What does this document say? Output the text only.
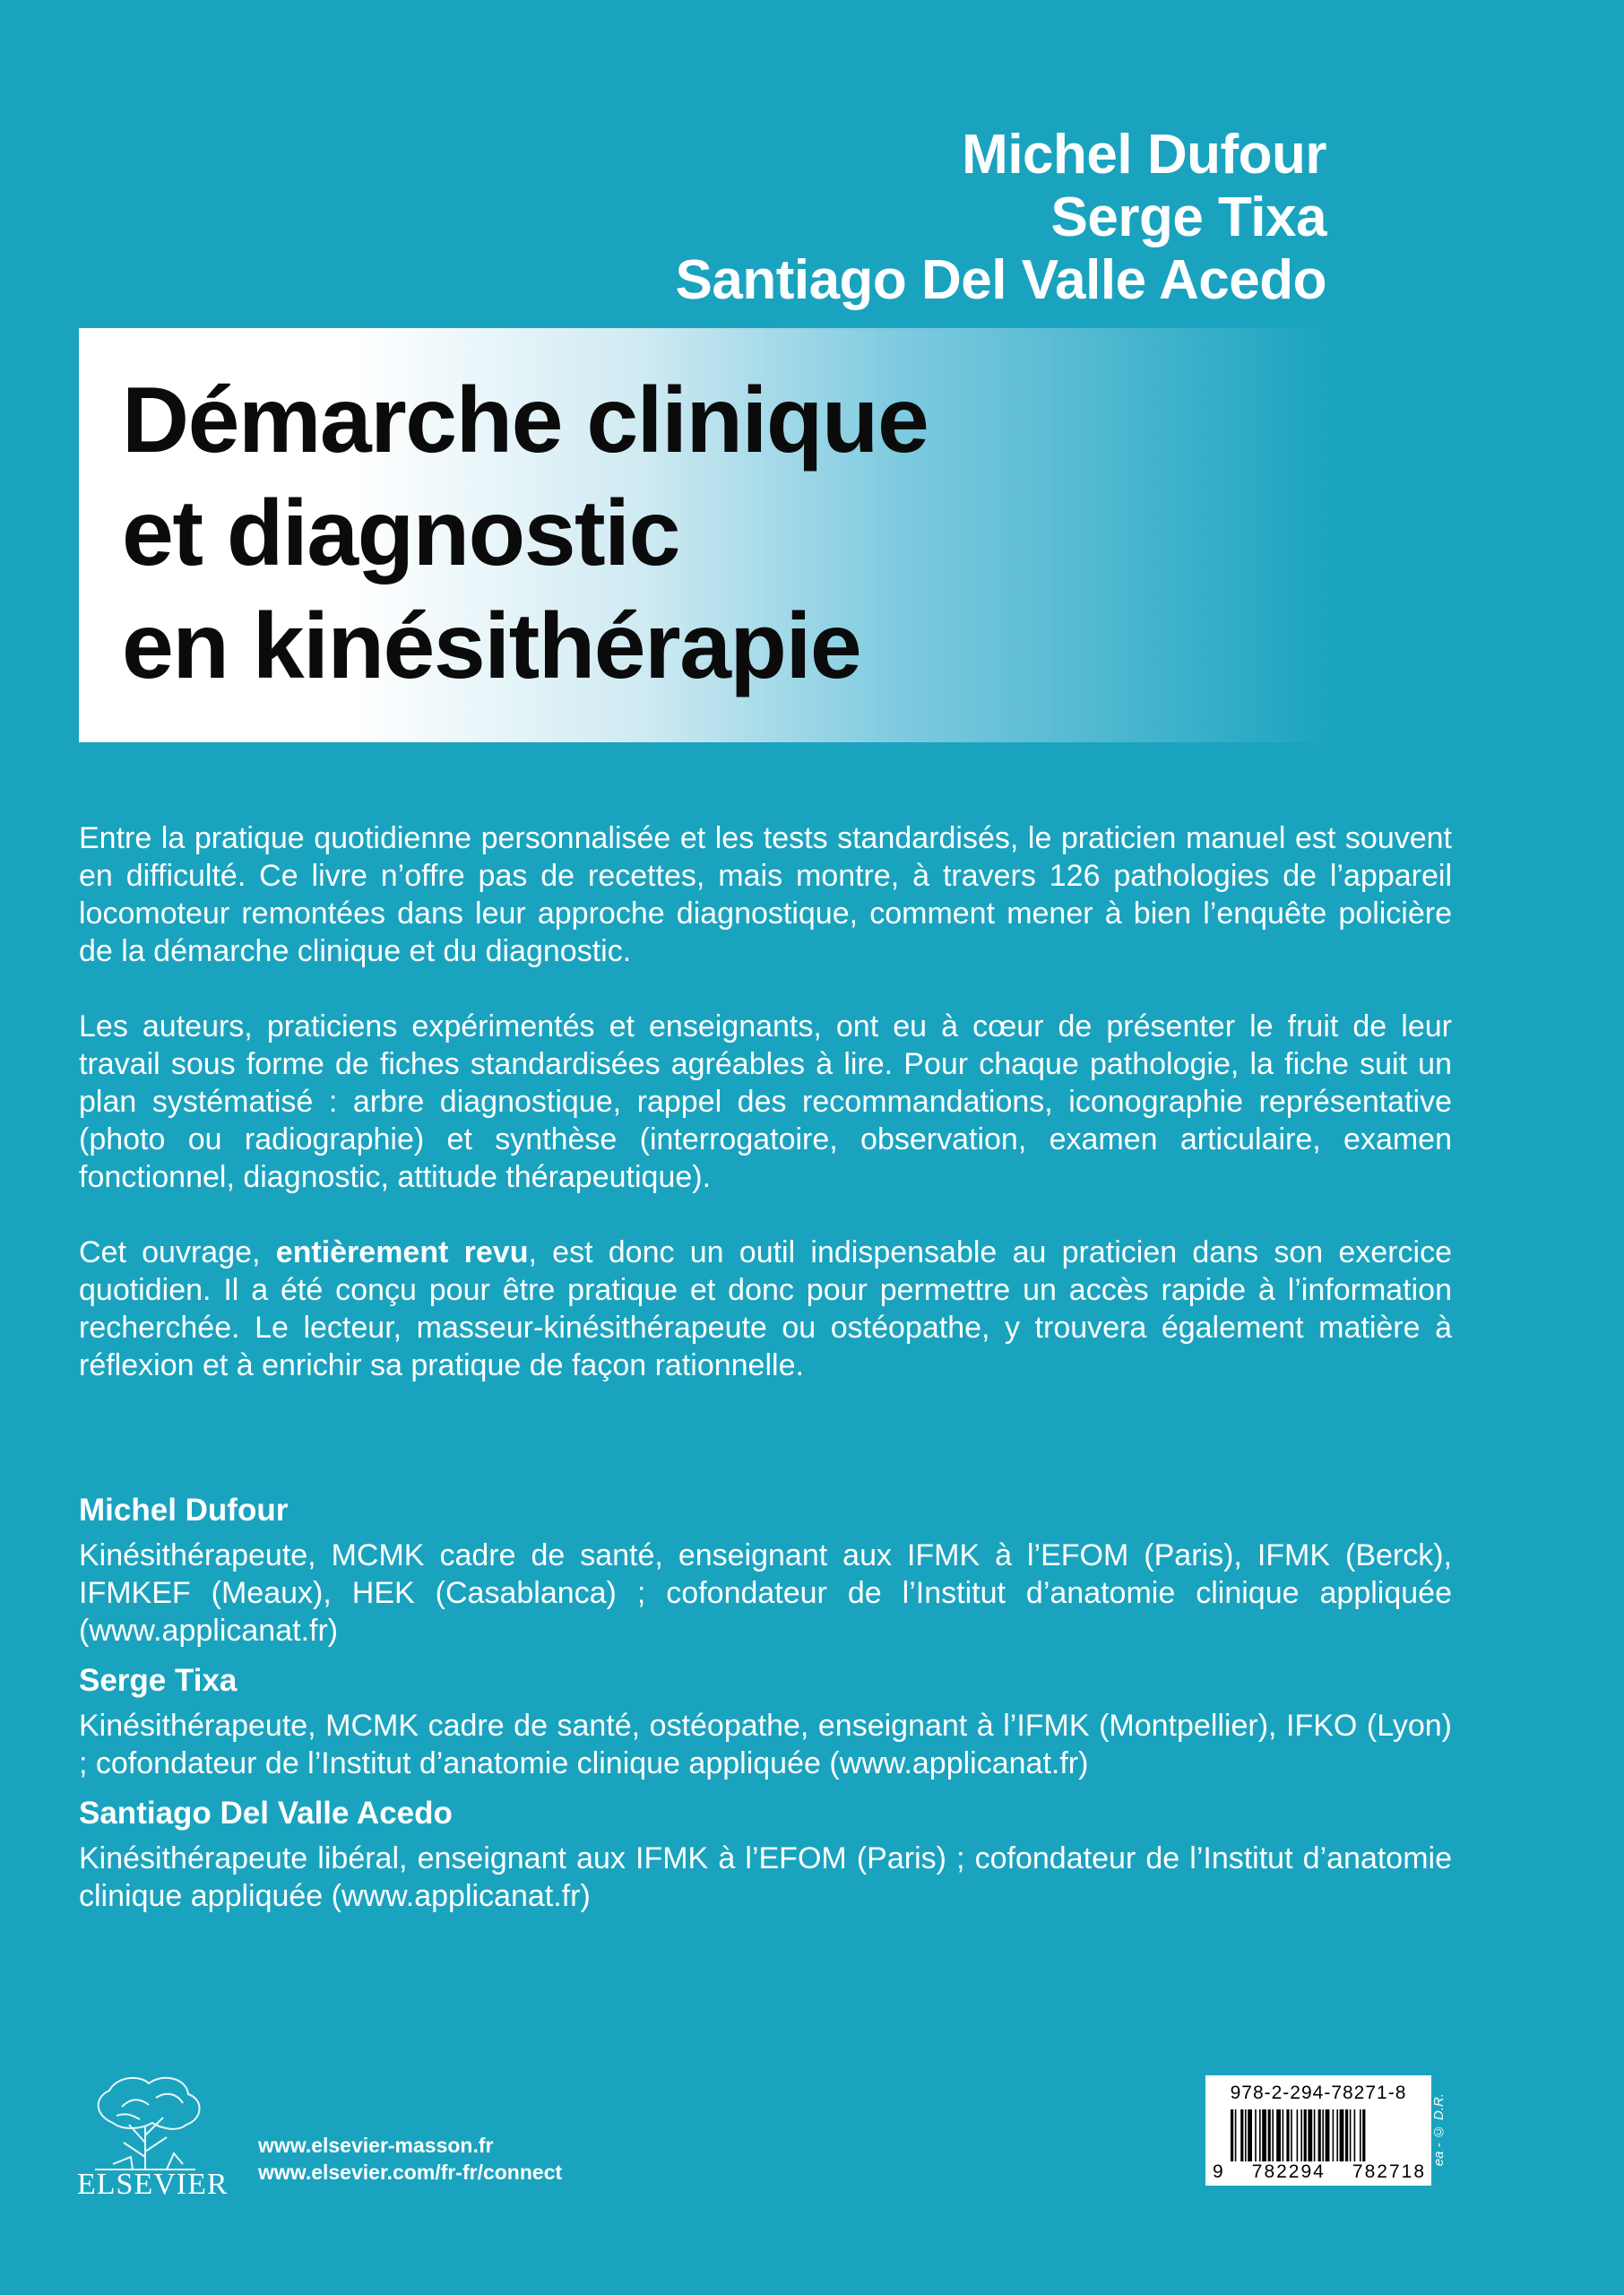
Michel Dufour
Serge Tixa
Santiago Del Valle Acedo
Démarche clinique
et diagnostic
en kinésithérapie

Entre la pratique quotidienne personnalisée et les tests standardisés, le praticien manuel est souvent en difficulté. Ce livre n’offre pas de recettes, mais montre, à travers 126 pathologies de l’appareil locomoteur remontées dans leur approche diagnostique, comment mener à bien l’enquête policière de la démarche clinique et du diagnostic.

Les auteurs, praticiens expérimentés et enseignants, ont eu à cœur de présenter le fruit de leur travail sous forme de fiches standardisées agréables à lire. Pour chaque pathologie, la fiche suit un plan systématisé : arbre diagnostique, rappel des recommandations, iconographie représentative (photo ou radiographie) et synthèse (interrogatoire, observation, examen articulaire, examen fonctionnel, diagnostic, attitude thérapeutique).

Cet ouvrage, entièrement revu, est donc un outil indispensable au praticien dans son exercice quotidien. Il a été conçu pour être pratique et donc pour permettre un accès rapide à l’information recherchée. Le lecteur, masseur-kinésithérapeute ou ostéopathe, y trouvera également matière à réflexion et à enrichir sa pratique de façon rationnelle.

Michel Dufour
Kinésithérapeute, MCMK cadre de santé, enseignant aux IFMK à l’EFOM (Paris), IFMK (Berck), IFMKEF (Meaux), HEK (Casablanca) ; cofondateur de l’Institut d’anatomie clinique appliquée (www.applicanat.fr)
Serge Tixa
Kinésithérapeute, MCMK cadre de santé, ostéopathe, enseignant à l’IFMK (Montpellier), IFKO (Lyon) ; cofondateur de l’Institut d’anatomie clinique appliquée (www.applicanat.fr)
Santiago Del Valle Acedo
Kinésithérapeute libéral, enseignant aux IFMK à l’EFOM (Paris) ; cofondateur de l’Institut d’anatomie clinique appliquée (www.applicanat.fr)
ELSEVIER
www.elsevier-masson.fr
www.elsevier.com/fr-fr/connect
978-2-294-78271-8
9 782294 782718
ea - © D.R.
